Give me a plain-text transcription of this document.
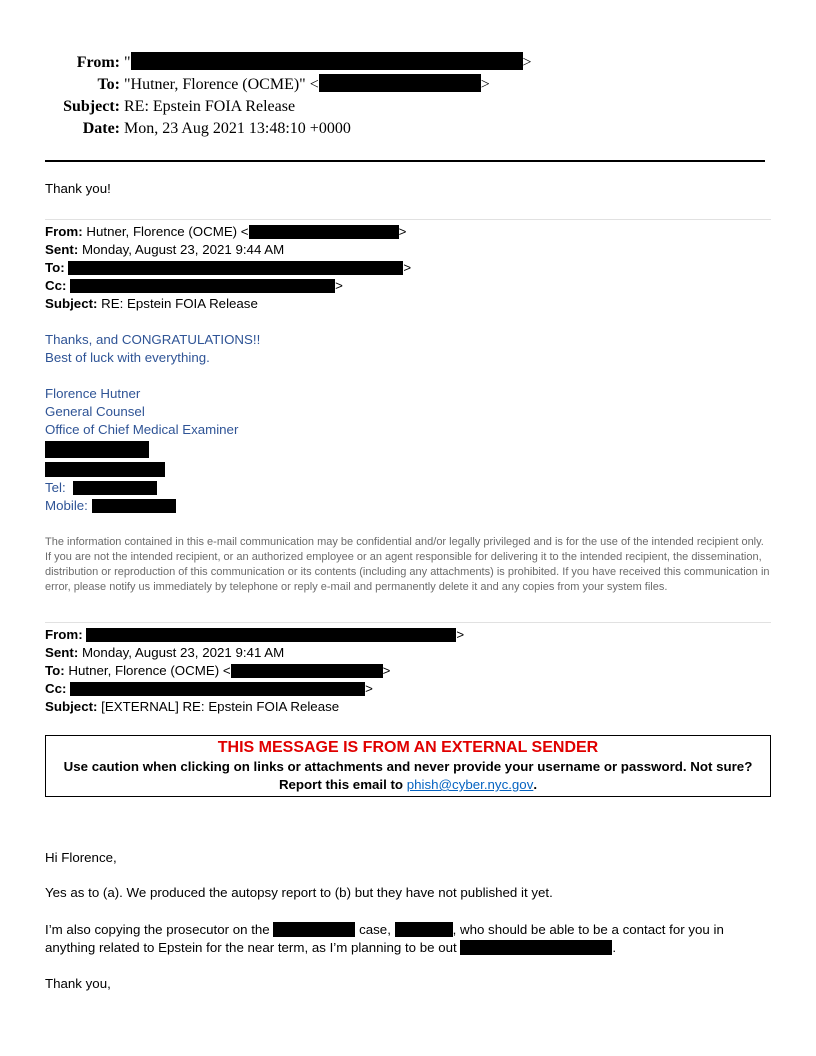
From: "	>
To: "Hutner, Florence (OCME)" <	>
Subject: RE: Epstein FOIA Release
Date: Mon, 23 Aug 2021 13:48:10 +0000
Thank you!
From: Hutner, Florence (OCME) <	>
Sent: Monday, August 23, 2021 9:44 AM
To:	>
Cc:	>
Subject: RE: Epstein FOIA Release
Thanks, and CONGRATULATIONS!!
Best of luck with everything.
Florence Hutner
General Counsel
Office of Chief Medical Examiner
Tel:
Mobile:
The information contained in this e-mail communication may be confidential and/or legally privileged and is for the use of the intended recipient only. If you are not the intended recipient, or an authorized employee or an agent responsible for delivering it to the intended recipient, the dissemination, distribution or reproduction of this communication or its contents (including any attachments) is prohibited. If you have received this communication in error, please notify us immediately by telephone or reply e-mail and permanently delete it and any copies from your system files.
From:	>
Sent: Monday, August 23, 2021 9:41 AM
To: Hutner, Florence (OCME) <	>
Cc:	>
Subject: [EXTERNAL] RE: Epstein FOIA Release
THIS MESSAGE IS FROM AN EXTERNAL SENDER
Use caution when clicking on links or attachments and never provide your username or password. Not sure? Report this email to phish@cyber.nyc.gov.
Hi Florence,
Yes as to (a). We produced the autopsy report to (b) but they have not published it yet.
I’m also copying the prosecutor on the	case,	, who should be able to be a contact for you in
anything related to Epstein for the near term, as I’m planning to be out	.
Thank you,
